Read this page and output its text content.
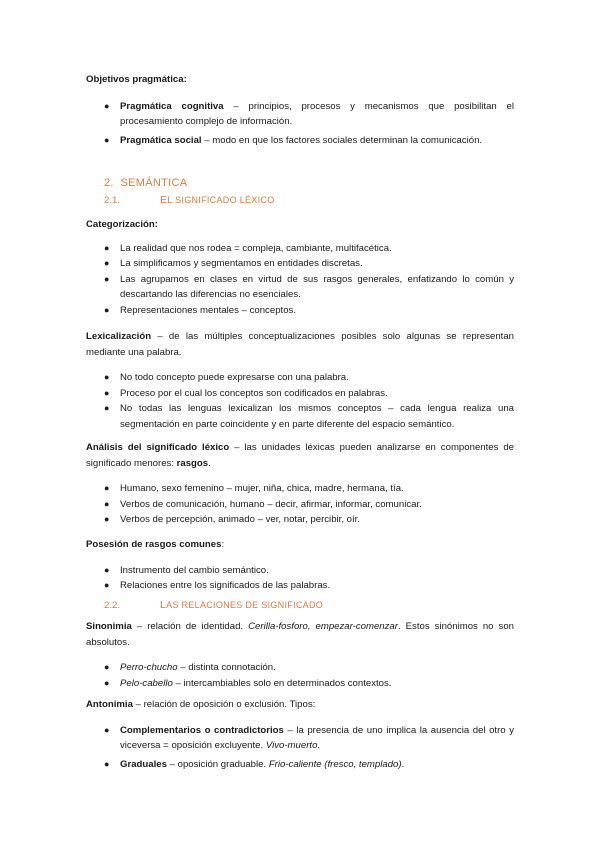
Objetivos pragmática:

● Pragmática cognitiva – principios, procesos y mecanismos que posibilitan el procesamiento complejo de información.
● Pragmática social – modo en que los factores sociales determinan la comunicación.
2. SEMÁNTICA
2.1.	EL SIGNIFICADO LÉXICO

Categorización:

● La realidad que nos rodea = compleja, cambiante, multifacética.
● La simplificamos y segmentamos en entidades discretas.
● Las agrupamos en clases en virtud de sus rasgos generales, enfatizando lo común y descartando las diferencias no esenciales.
● Representaciones mentales – conceptos.

Lexicalización – de las múltiples conceptualizaciones posibles solo algunas se representan mediante una palabra.

● No todo concepto puede expresarse con una palabra.
● Proceso por el cual los conceptos son codificados en palabras.
● No todas las lenguas lexicalizan los mismos conceptos – cada lengua realiza una segmentación en parte coincidente y en parte diferente del espacio semántico.

Análisis del significado léxico – las unidades léxicas pueden analizarse en componentes de significado menores: rasgos.

● Humano, sexo femenino – mujer, niña, chica, madre, hermana, tía.
● Verbos de comunicación, humano – decir, afirmar, informar, comunicar.
● Verbos de percepción, animado – ver, notar, percibir, oír.

Posesión de rasgos comunes:

● Instrumento del cambio semántico.
● Relaciones entre los significados de las palabras.
2.2.	LAS RELACIONES DE SIGNIFICADO

Sinonimia – relación de identidad. Cerilla-fosforo, empezar-comenzar. Estos sinónimos no son absolutos.

● Perro-chucho – distinta connotación.
● Pelo-cabello – intercambiables solo en determinados contextos.

Antonimia – relación de oposición o exclusión. Tipos:

● Complementarios o contradictorios – la presencia de uno implica la ausencia del otro y viceversa = oposición excluyente. Vivo-muerto.
● Graduales – oposición graduable. Frio-caliente (fresco, templado).
